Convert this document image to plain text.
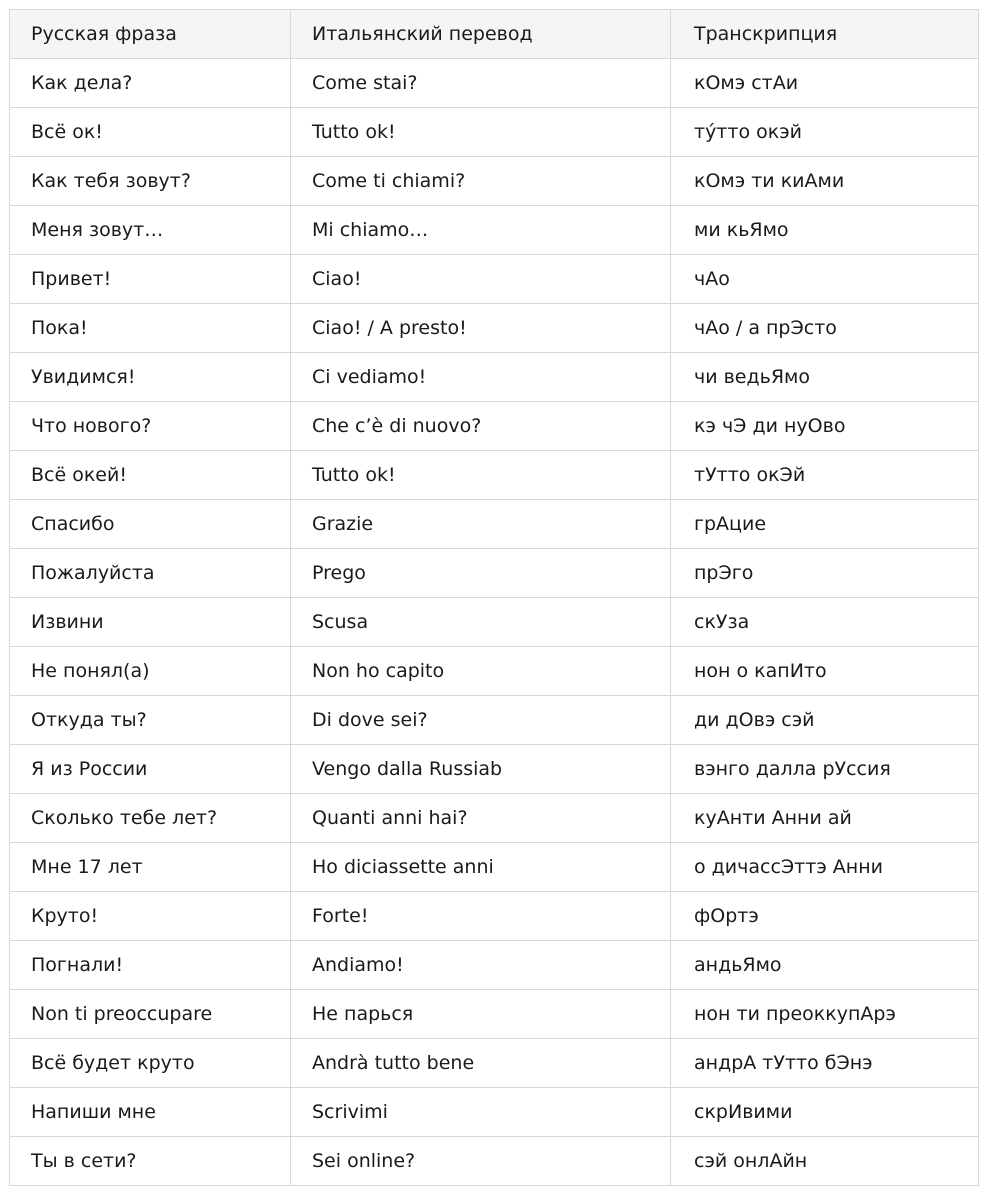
Русская фраза	Итальянский перевод	Транскрипция
Как дела?	Come stai?	кОмэ стАи
Всё ок!	Tutto ok!	ту́тто окэй
Как тебя зовут?	Come ti chiami?	кОмэ ти киАми
Меня зовут…	Mi chiamo…	ми кьЯмо
Привет!	Ciao!	чАо
Пока!	Ciao! / A presto!	чАо / а прЭсто
Увидимся!	Ci vediamo!	чи ведьЯмо
Что нового?	Che c’è di nuovo?	кэ чЭ ди нуОво
Всё окей!	Tutto ok!	тУтто окЭй
Спасибо	Grazie	грАцие
Пожалуйста	Prego	прЭго
Извини	Scusa	скУза
Не понял(а)	Non ho capito	нон о капИто
Откуда ты?	Di dove sei?	ди дОвэ сэй
Я из России	Vengo dalla Russiab	вэнго далла рУссия
Сколько тебе лет?	Quanti anni hai?	куАнти Анни ай
Мне 17 лет	Ho diciassette anni	о дичассЭттэ Анни
Круто!	Forte!	фОртэ
Погнали!	Andiamo!	андьЯмо
Non ti preoccupare	Не парься	нон ти преоккупАрэ
Всё будет круто	Andrà tutto bene	андрА тУтто бЭнэ
Напиши мне	Scrivimi	скрИвими
Ты в сети?	Sei online?	сэй онлАйн
